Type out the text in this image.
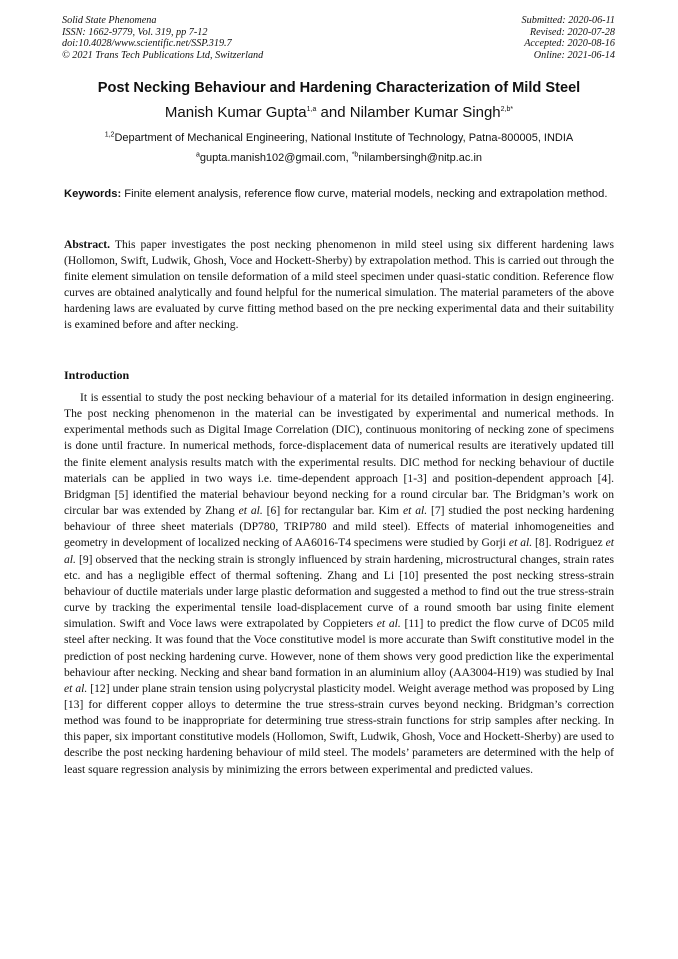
Solid State Phenomena
ISSN: 1662-9779, Vol. 319, pp 7-12
doi:10.4028/www.scientific.net/SSP.319.7
© 2021 Trans Tech Publications Ltd, Switzerland
Submitted: 2020-06-11
Revised: 2020-07-28
Accepted: 2020-08-16
Online: 2021-06-14
Post Necking Behaviour and Hardening Characterization of Mild Steel
Manish Kumar Gupta$^{1,a}$ and Nilamber Kumar Singh$^{2,b*}$
$^{1,2}$Department of Mechanical Engineering, National Institute of Technology, Patna-800005, INDIA
$^a$gupta.manish102@gmail.com, $^{*b}$nilambersingh@nitp.ac.in
Keywords: Finite element analysis, reference flow curve, material models, necking and extrapolation method.
Abstract. This paper investigates the post necking phenomenon in mild steel using six different hardening laws (Hollomon, Swift, Ludwik, Ghosh, Voce and Hockett-Sherby) by extrapolation method. This is carried out through the finite element simulation on tensile deformation of a mild steel specimen under quasi-static condition. Reference flow curves are obtained analytically and found helpful for the numerical simulation. The material parameters of the above hardening laws are evaluated by curve fitting method based on the pre necking experimental data and their suitability is examined before and after necking.
Introduction
It is essential to study the post necking behaviour of a material for its detailed information in design engineering. The post necking phenomenon in the material can be investigated by experimental and numerical methods. In experimental methods such as Digital Image Correlation (DIC), continuous monitoring of necking zone of specimens is done until fracture. In numerical methods, force-displacement data of numerical results are iteratively updated till the finite element analysis results match with the experimental results. DIC method for necking behaviour of ductile materials can be applied in two ways i.e. time-dependent approach [1-3] and position-dependent approach [4]. Bridgman [5] identified the material behaviour beyond necking for a round circular bar. The Bridgman’s work on circular bar was extended by Zhang et al. [6] for rectangular bar. Kim et al. [7] studied the post necking hardening behaviour of three sheet materials (DP780, TRIP780 and mild steel). Effects of material inhomogeneities and geometry in development of localized necking of AA6016-T4 specimens were studied by Gorji et al. [8]. Rodriguez et al. [9] observed that the necking strain is strongly influenced by strain hardening, microstructural changes, strain rates etc. and has a negligible effect of thermal softening. Zhang and Li [10] presented the post necking stress-strain behaviour of ductile materials under large plastic deformation and suggested a method to find out the true stress-strain curve by tracking the experimental tensile load-displacement curve of a round smooth bar using finite element simulation. Swift and Voce laws were extrapolated by Coppieters et al. [11] to predict the flow curve of DC05 mild steel after necking. It was found that the Voce constitutive model is more accurate than Swift constitutive model in the prediction of post necking hardening curve. However, none of them shows very good prediction like the experimental behaviour after necking. Necking and shear band formation in an aluminium alloy (AA3004-H19) was studied by Inal et al. [12] under plane strain tension using polycrystal plasticity model. Weight average method was proposed by Ling [13] for different copper alloys to determine the true stress-strain curves beyond necking. Bridgman’s correction method was found to be inappropriate for determining true stress-strain functions for strip samples after necking. In this paper, six important constitutive models (Hollomon, Swift, Ludwik, Ghosh, Voce and Hockett-Sherby) are used to describe the post necking hardening behaviour of mild steel. The models’ parameters are determined with the help of least square regression analysis by minimizing the errors between experimental and predicted values.
